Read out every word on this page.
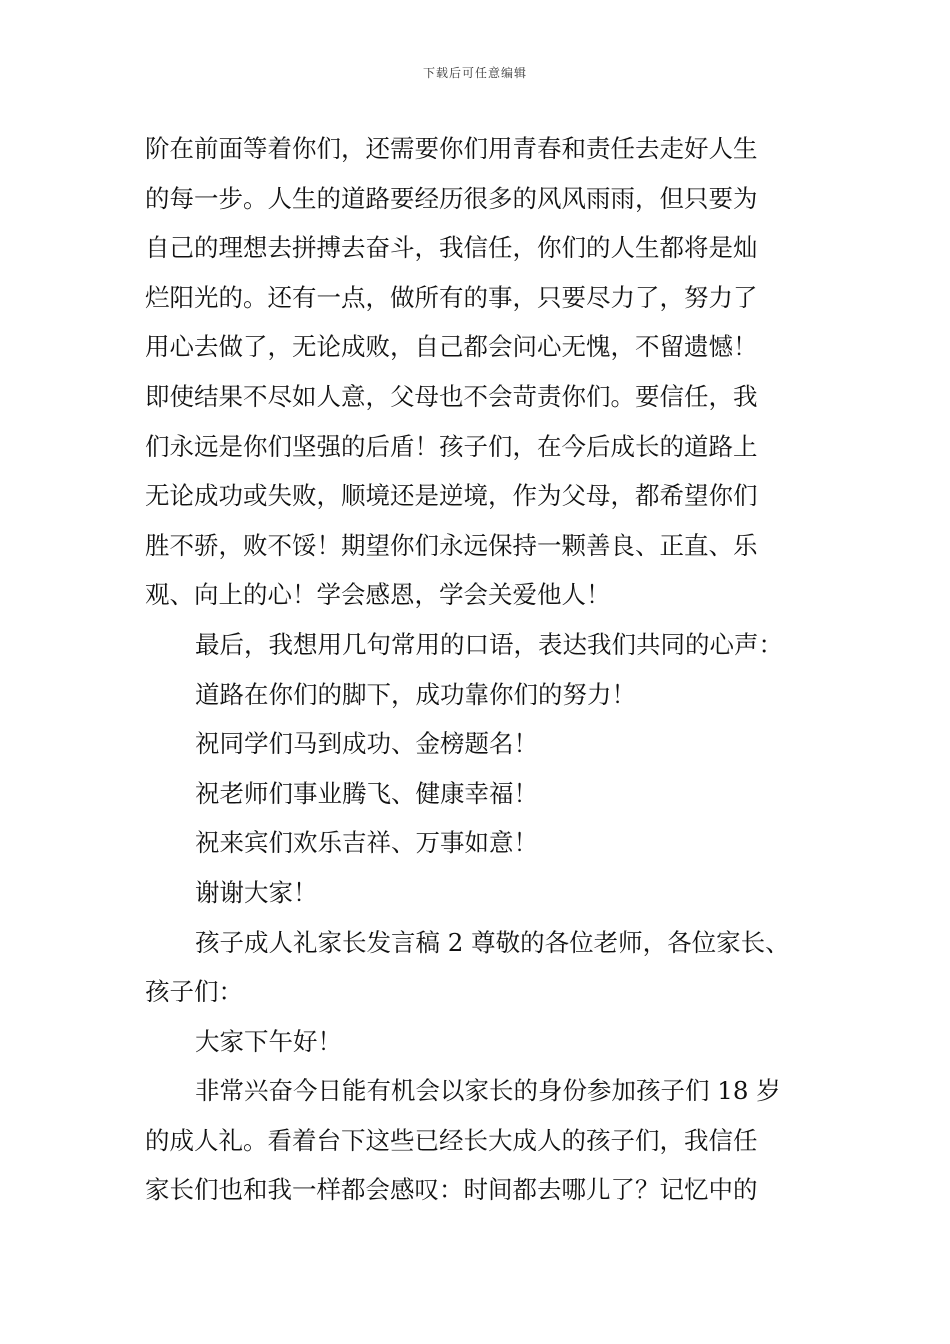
下载后可任意编辑
阶在前面等着你们，还需要你们用青春和责任去走好人生
的每一步。人生的道路要经历很多的风风雨雨，但只要为
自己的理想去拼搏去奋斗，我信任，你们的人生都将是灿
烂阳光的。还有一点，做所有的事，只要尽力了，努力了
用心去做了，无论成败，自己都会问心无愧，不留遗憾！
即使结果不尽如人意，父母也不会苛责你们。要信任，我
们永远是你们坚强的后盾！孩子们，在今后成长的道路上
无论成功或失败，顺境还是逆境，作为父母，都希望你们
胜不骄，败不馁！期望你们永远保持一颗善良、正直、乐
观、向上的心！学会感恩，学会关爱他人！
最后，我想用几句常用的口语，表达我们共同的心声：
道路在你们的脚下，成功靠你们的努力！
祝同学们马到成功、金榜题名！
祝老师们事业腾飞、健康幸福！
祝来宾们欢乐吉祥、万事如意！
谢谢大家！
孩子成人礼家长发言稿 2 尊敬的各位老师，各位家长、
孩子们：
大家下午好！
非常兴奋今日能有机会以家长的身份参加孩子们 18 岁
的成人礼。看着台下这些已经长大成人的孩子们，我信任
家长们也和我一样都会感叹：时间都去哪儿了？记忆中的
